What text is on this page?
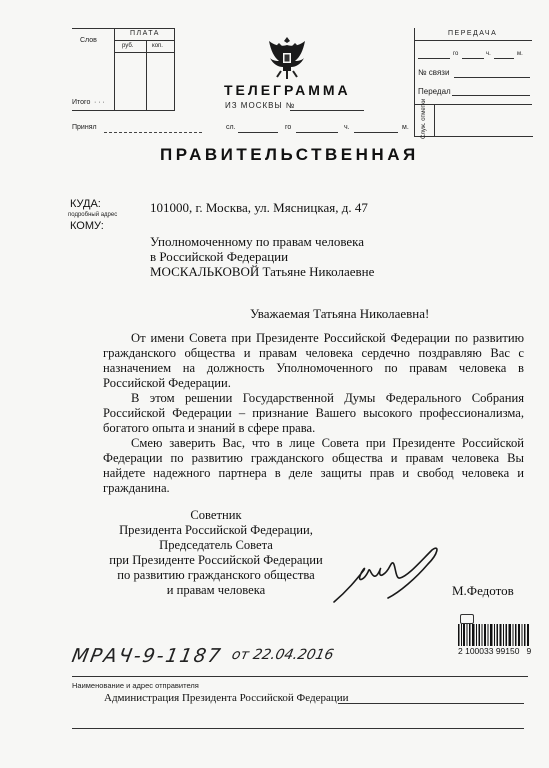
Слов
ПЛАТА
руб.	коп.
Итого · · ·
Принял
ТЕЛЕГРАММА
ИЗ МОСКВЫ №
сл.	го	ч.	м.
ПЕРЕДАЧА
го	ч.	м.
№ связи
Передал
Служ. отметки
ПРАВИТЕЛЬСТВЕННАЯ
КУДА:
подробный адрес	101000, г. Москва, ул. Мясницкая, д. 47
КОМУ:
Уполномоченному по правам человека
в Российской Федерации
МОСКАЛЬКОВОЙ Татьяне Николаевне
Уважаемая Татьяна Николаевна!
От имени Совета при Президенте Российской Федерации по развитию гражданского общества и правам человека сердечно поздравляю Вас с назначением на должность Уполномоченного по правам человека в Российской Федерации.
В этом решении Государственной Думы Федерального Собрания Российской Федерации – признание Вашего высокого профессионализма, богатого опыта и знаний в сфере права.
Смею заверить Вас, что в лице Совета при Президенте Российской Федерации по развитию гражданского общества и правам человека Вы найдете надежного партнера в деле защиты прав и свобод человека и гражданина.
Советник
Президента Российской Федерации,
Председатель Совета
при Президенте Российской Федерации
по развитию гражданского общества
и правам человека	М.Федотов
2 100033 99150   9
МРАЧ-9-1187 от 22.04.2016
Наименование и адрес отправителя
Администрация Президента Российской Федерации
